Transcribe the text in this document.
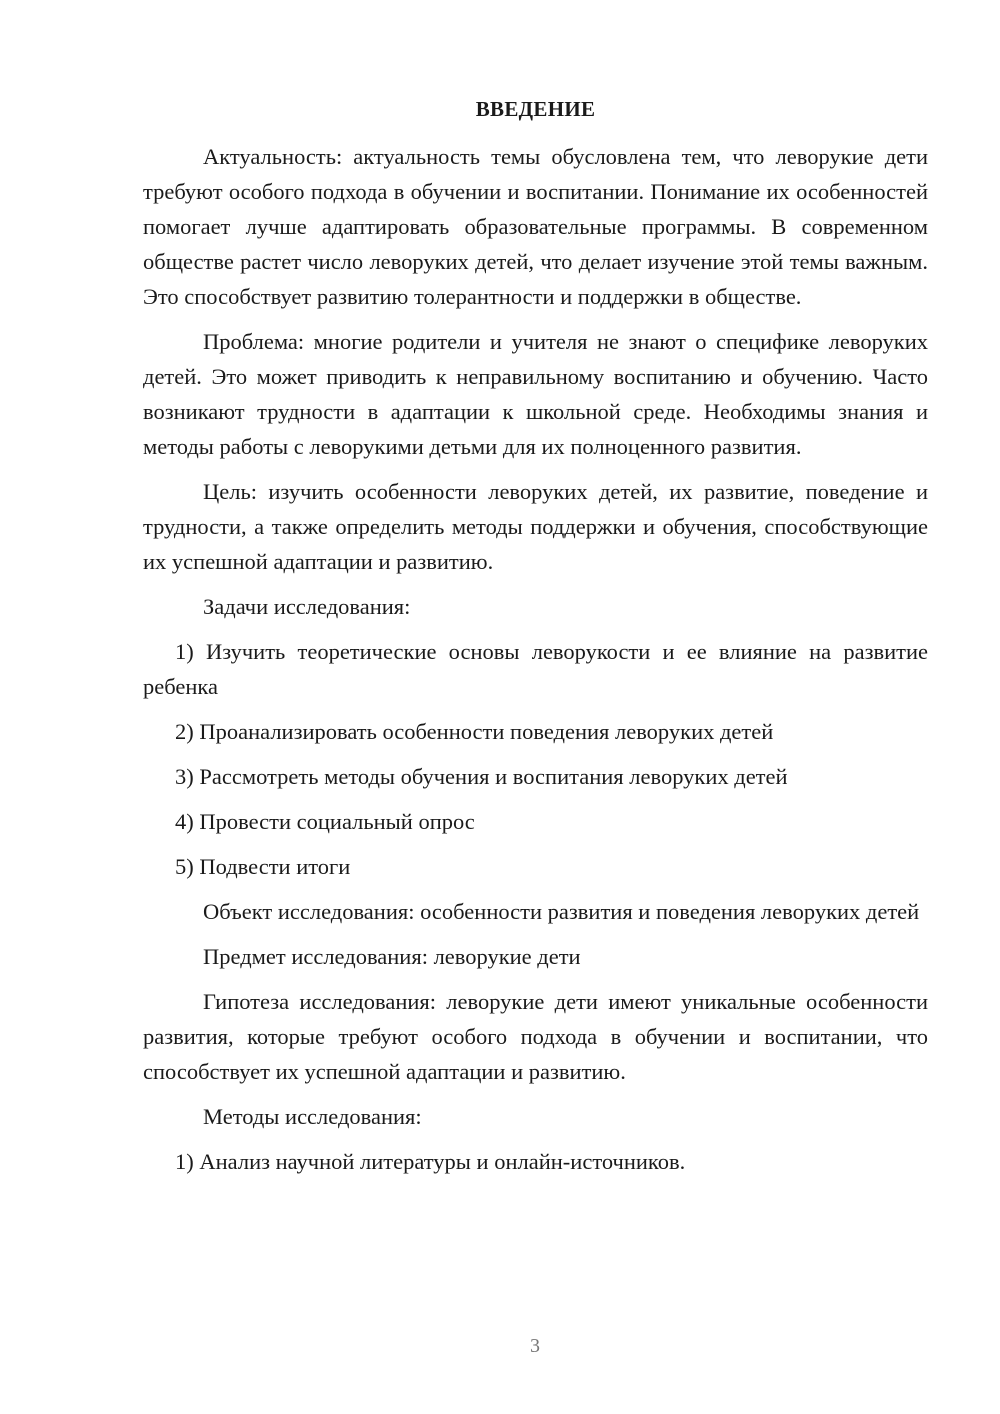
ВВЕДЕНИЕ

Актуальность: актуальность темы обусловлена тем, что леворукие дети требуют особого подхода в обучении и воспитании. Понимание их особенностей помогает лучше адаптировать образовательные программы. В современном обществе растет число леворуких детей, что делает изучение этой темы важным. Это способствует развитию толерантности и поддержки в обществе.

Проблема: многие родители и учителя не знают о специфике леворуких детей. Это может приводить к неправильному воспитанию и обучению. Часто возникают трудности в адаптации к школьной среде. Необходимы знания и методы работы с леворукими детьми для их полноценного развития.

Цель: изучить особенности леворуких детей, их развитие, поведение и трудности, а также определить методы поддержки и обучения, способствующие их успешной адаптации и развитию.

Задачи исследования:

1) Изучить теоретические основы леворукости и ее влияние на развитие ребенка

2) Проанализировать особенности поведения леворуких детей

3) Рассмотреть методы обучения и воспитания леворуких детей

4) Провести социальный опрос

5) Подвести итоги

Объект исследования: особенности развития и поведения леворуких детей

Предмет исследования: леворукие дети

Гипотеза исследования: леворукие дети имеют уникальные особенности развития, которые требуют особого подхода в обучении и воспитании, что способствует их успешной адаптации и развитию.

Методы исследования:

1) Анализ научной литературы и онлайн-источников.

3
